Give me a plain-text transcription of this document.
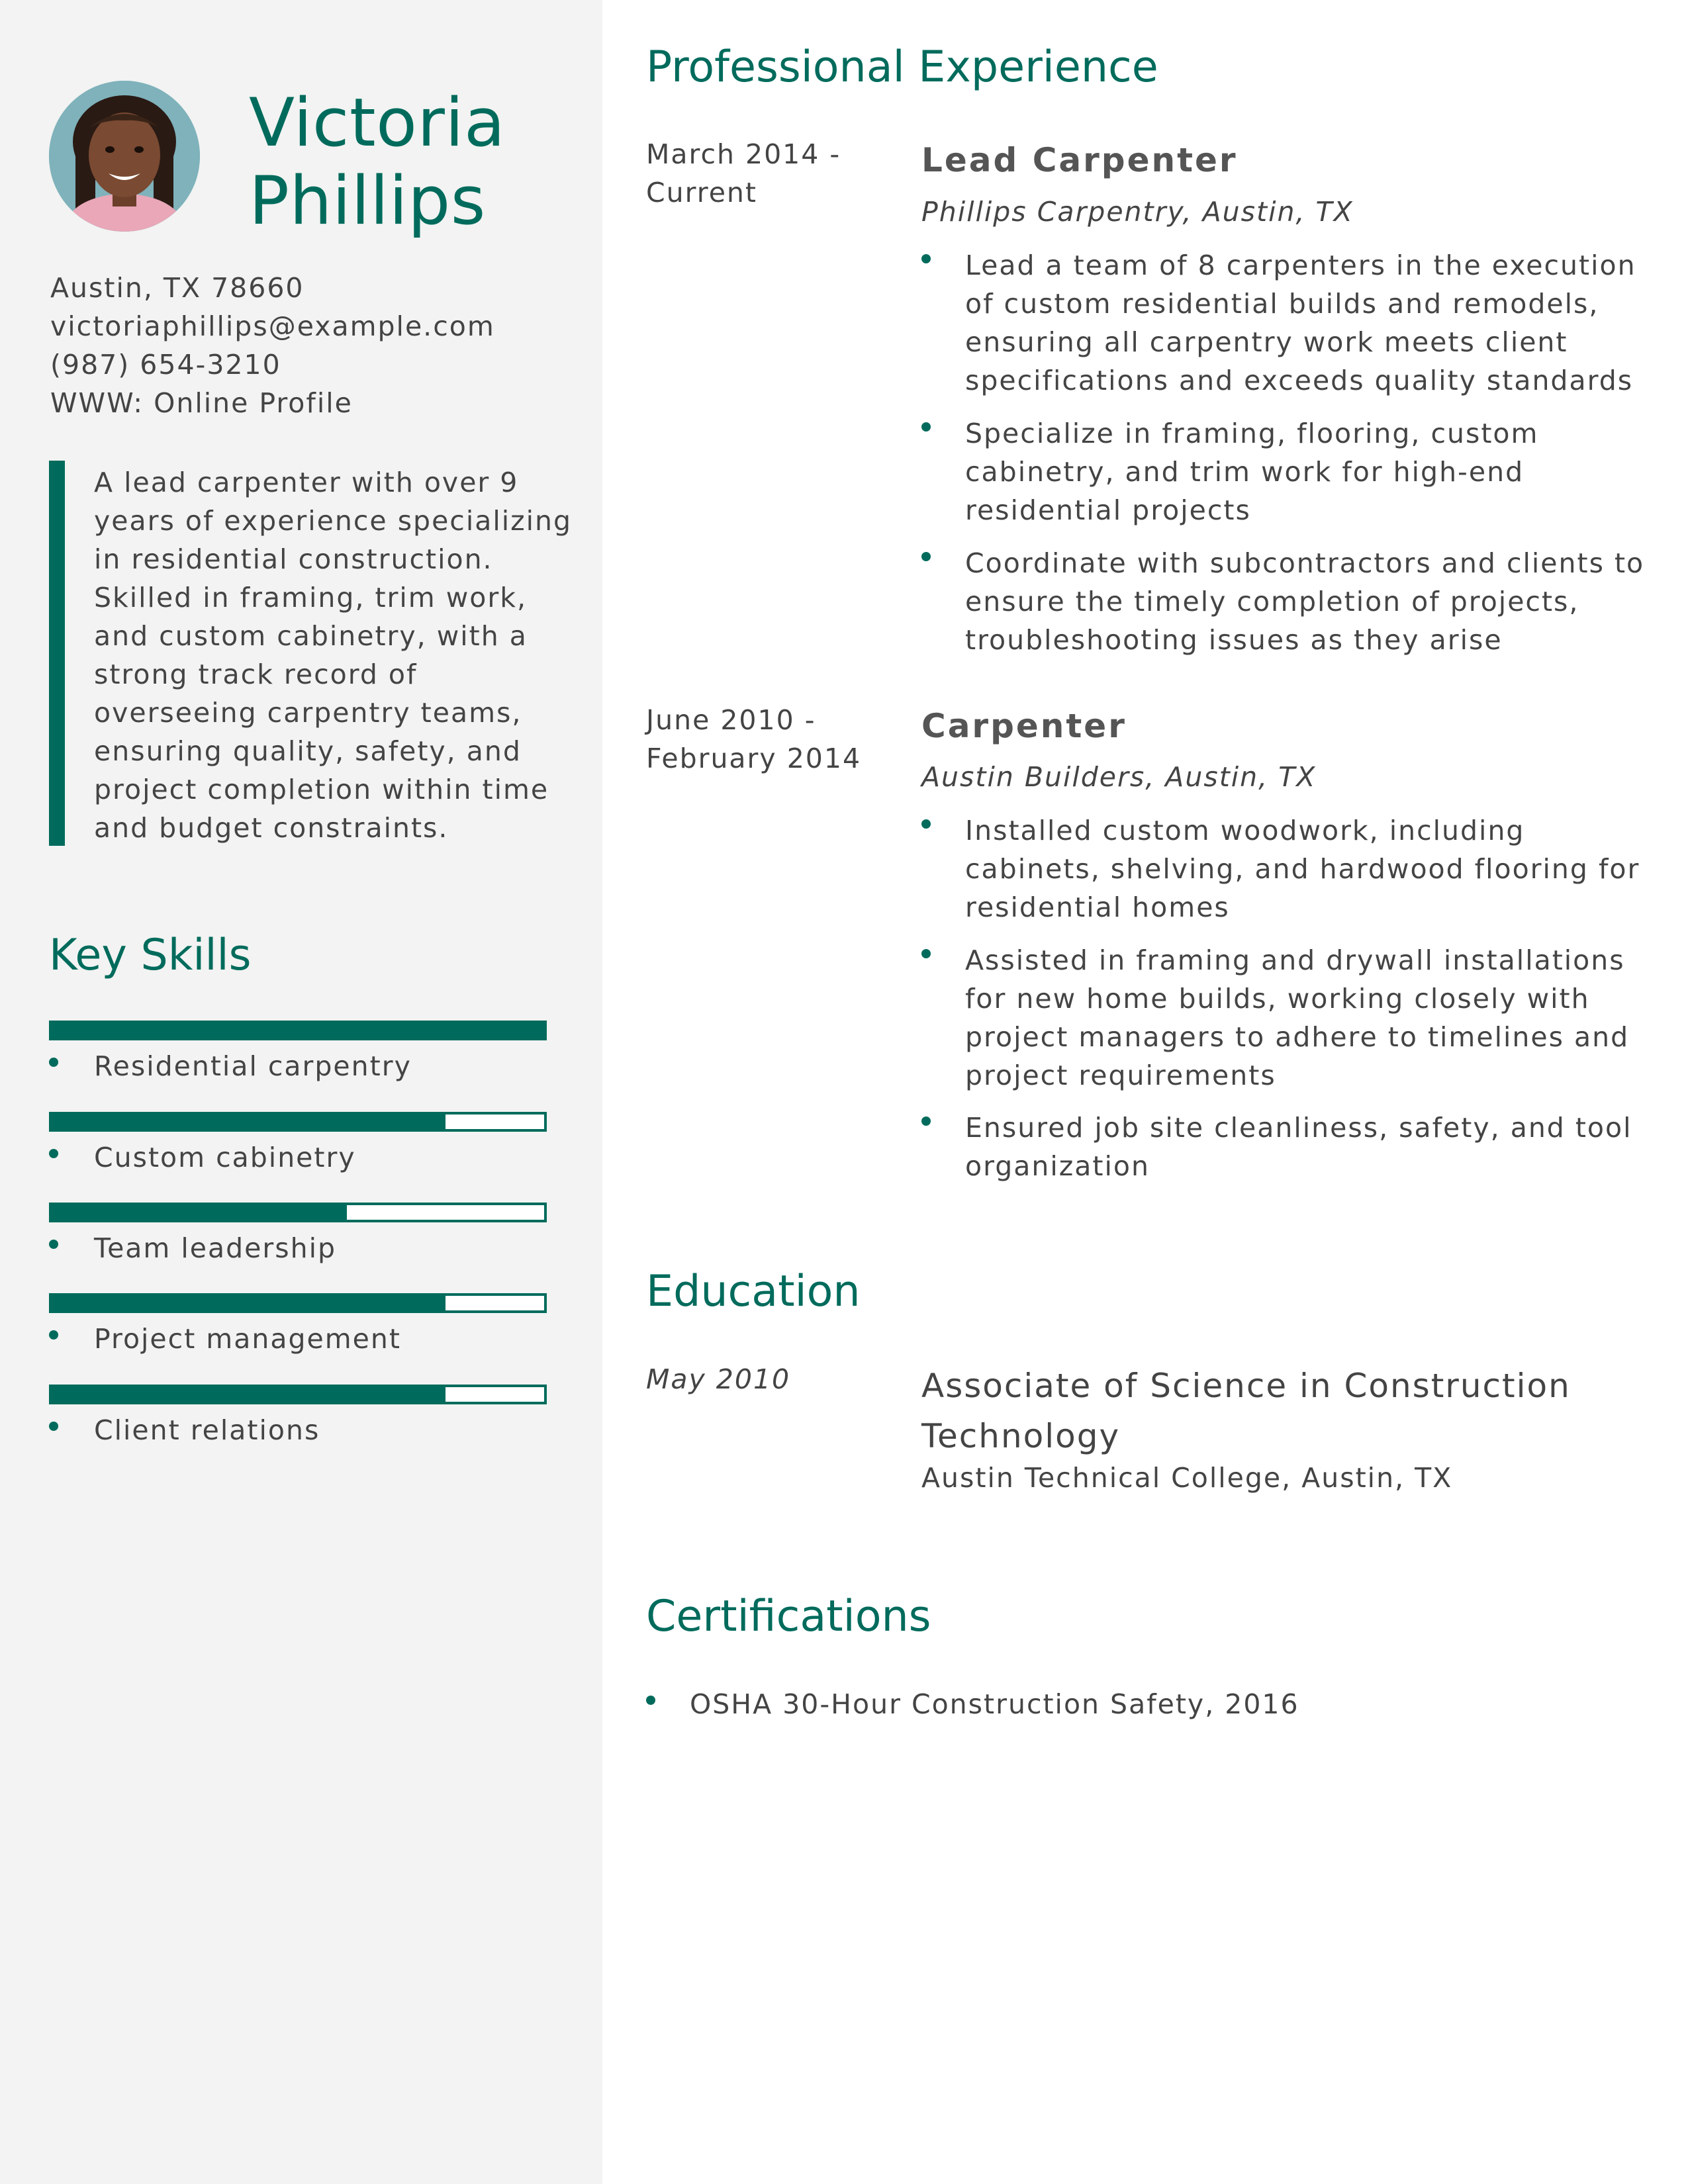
Victoria
Phillips
Austin, TX 78660
victoriaphillips@example.com
(987) 654-3210
WWW: Online Profile
A lead carpenter with over 9 years of experience specializing in residential construction. Skilled in framing, trim work, and custom cabinetry, with a strong track record of overseeing carpentry teams, ensuring quality, safety, and project completion within time and budget constraints.
Key Skills
Residential carpentry
Custom cabinetry
Team leadership
Project management
Client relations
Professional Experience
March 2014 -
Current
Lead Carpenter
Phillips Carpentry, Austin, TX
Lead a team of 8 carpenters in the execution of custom residential builds and remodels, ensuring all carpentry work meets client specifications and exceeds quality standards
Specialize in framing, flooring, custom cabinetry, and trim work for high-end residential projects
Coordinate with subcontractors and clients to ensure the timely completion of projects, troubleshooting issues as they arise
June 2010 -
February 2014
Carpenter
Austin Builders, Austin, TX
Installed custom woodwork, including cabinets, shelving, and hardwood flooring for residential homes
Assisted in framing and drywall installations for new home builds, working closely with project managers to adhere to timelines and project requirements
Ensured job site cleanliness, safety, and tool organization
Education
May 2010	Associate of Science in Construction Technology
Austin Technical College, Austin, TX
Certifications
OSHA 30-Hour Construction Safety, 2016
